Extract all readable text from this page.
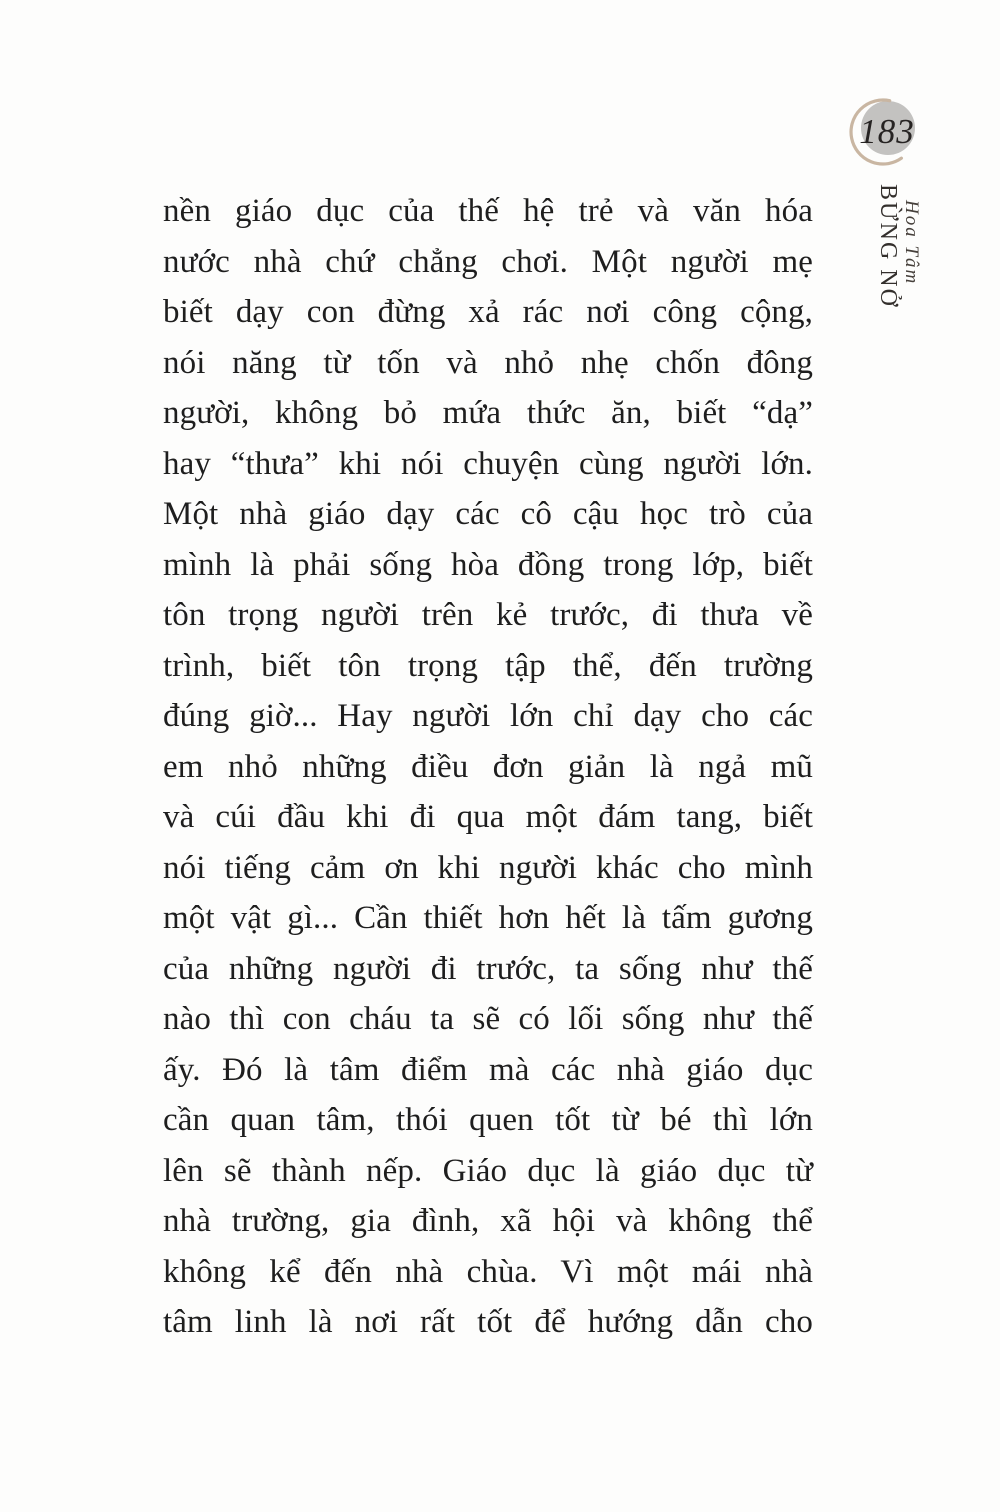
183
Hoa Tâm
BỪNG NỞ
nền giáo dục của thế hệ trẻ và văn hóa
nước nhà chứ chẳng chơi. Một người mẹ
biết dạy con đừng xả rác nơi công cộng,
nói năng từ tốn và nhỏ nhẹ chốn đông
người, không bỏ mứa thức ăn, biết “dạ”
hay “thưa” khi nói chuyện cùng người lớn.
Một nhà giáo dạy các cô cậu học trò của
mình là phải sống hòa đồng trong lớp, biết
tôn trọng người trên kẻ trước, đi thưa về
trình, biết tôn trọng tập thể, đến trường
đúng giờ... Hay người lớn chỉ dạy cho các
em nhỏ những điều đơn giản là ngả mũ
và cúi đầu khi đi qua một đám tang, biết
nói tiếng cảm ơn khi người khác cho mình
một vật gì... Cần thiết hơn hết là tấm gương
của những người đi trước, ta sống như thế
nào thì con cháu ta sẽ có lối sống như thế
ấy. Đó là tâm điểm mà các nhà giáo dục
cần quan tâm, thói quen tốt từ bé thì lớn
lên sẽ thành nếp. Giáo dục là giáo dục từ
nhà trường, gia đình, xã hội và không thể
không kể đến nhà chùa. Vì một mái nhà
tâm linh là nơi rất tốt để hướng dẫn cho
